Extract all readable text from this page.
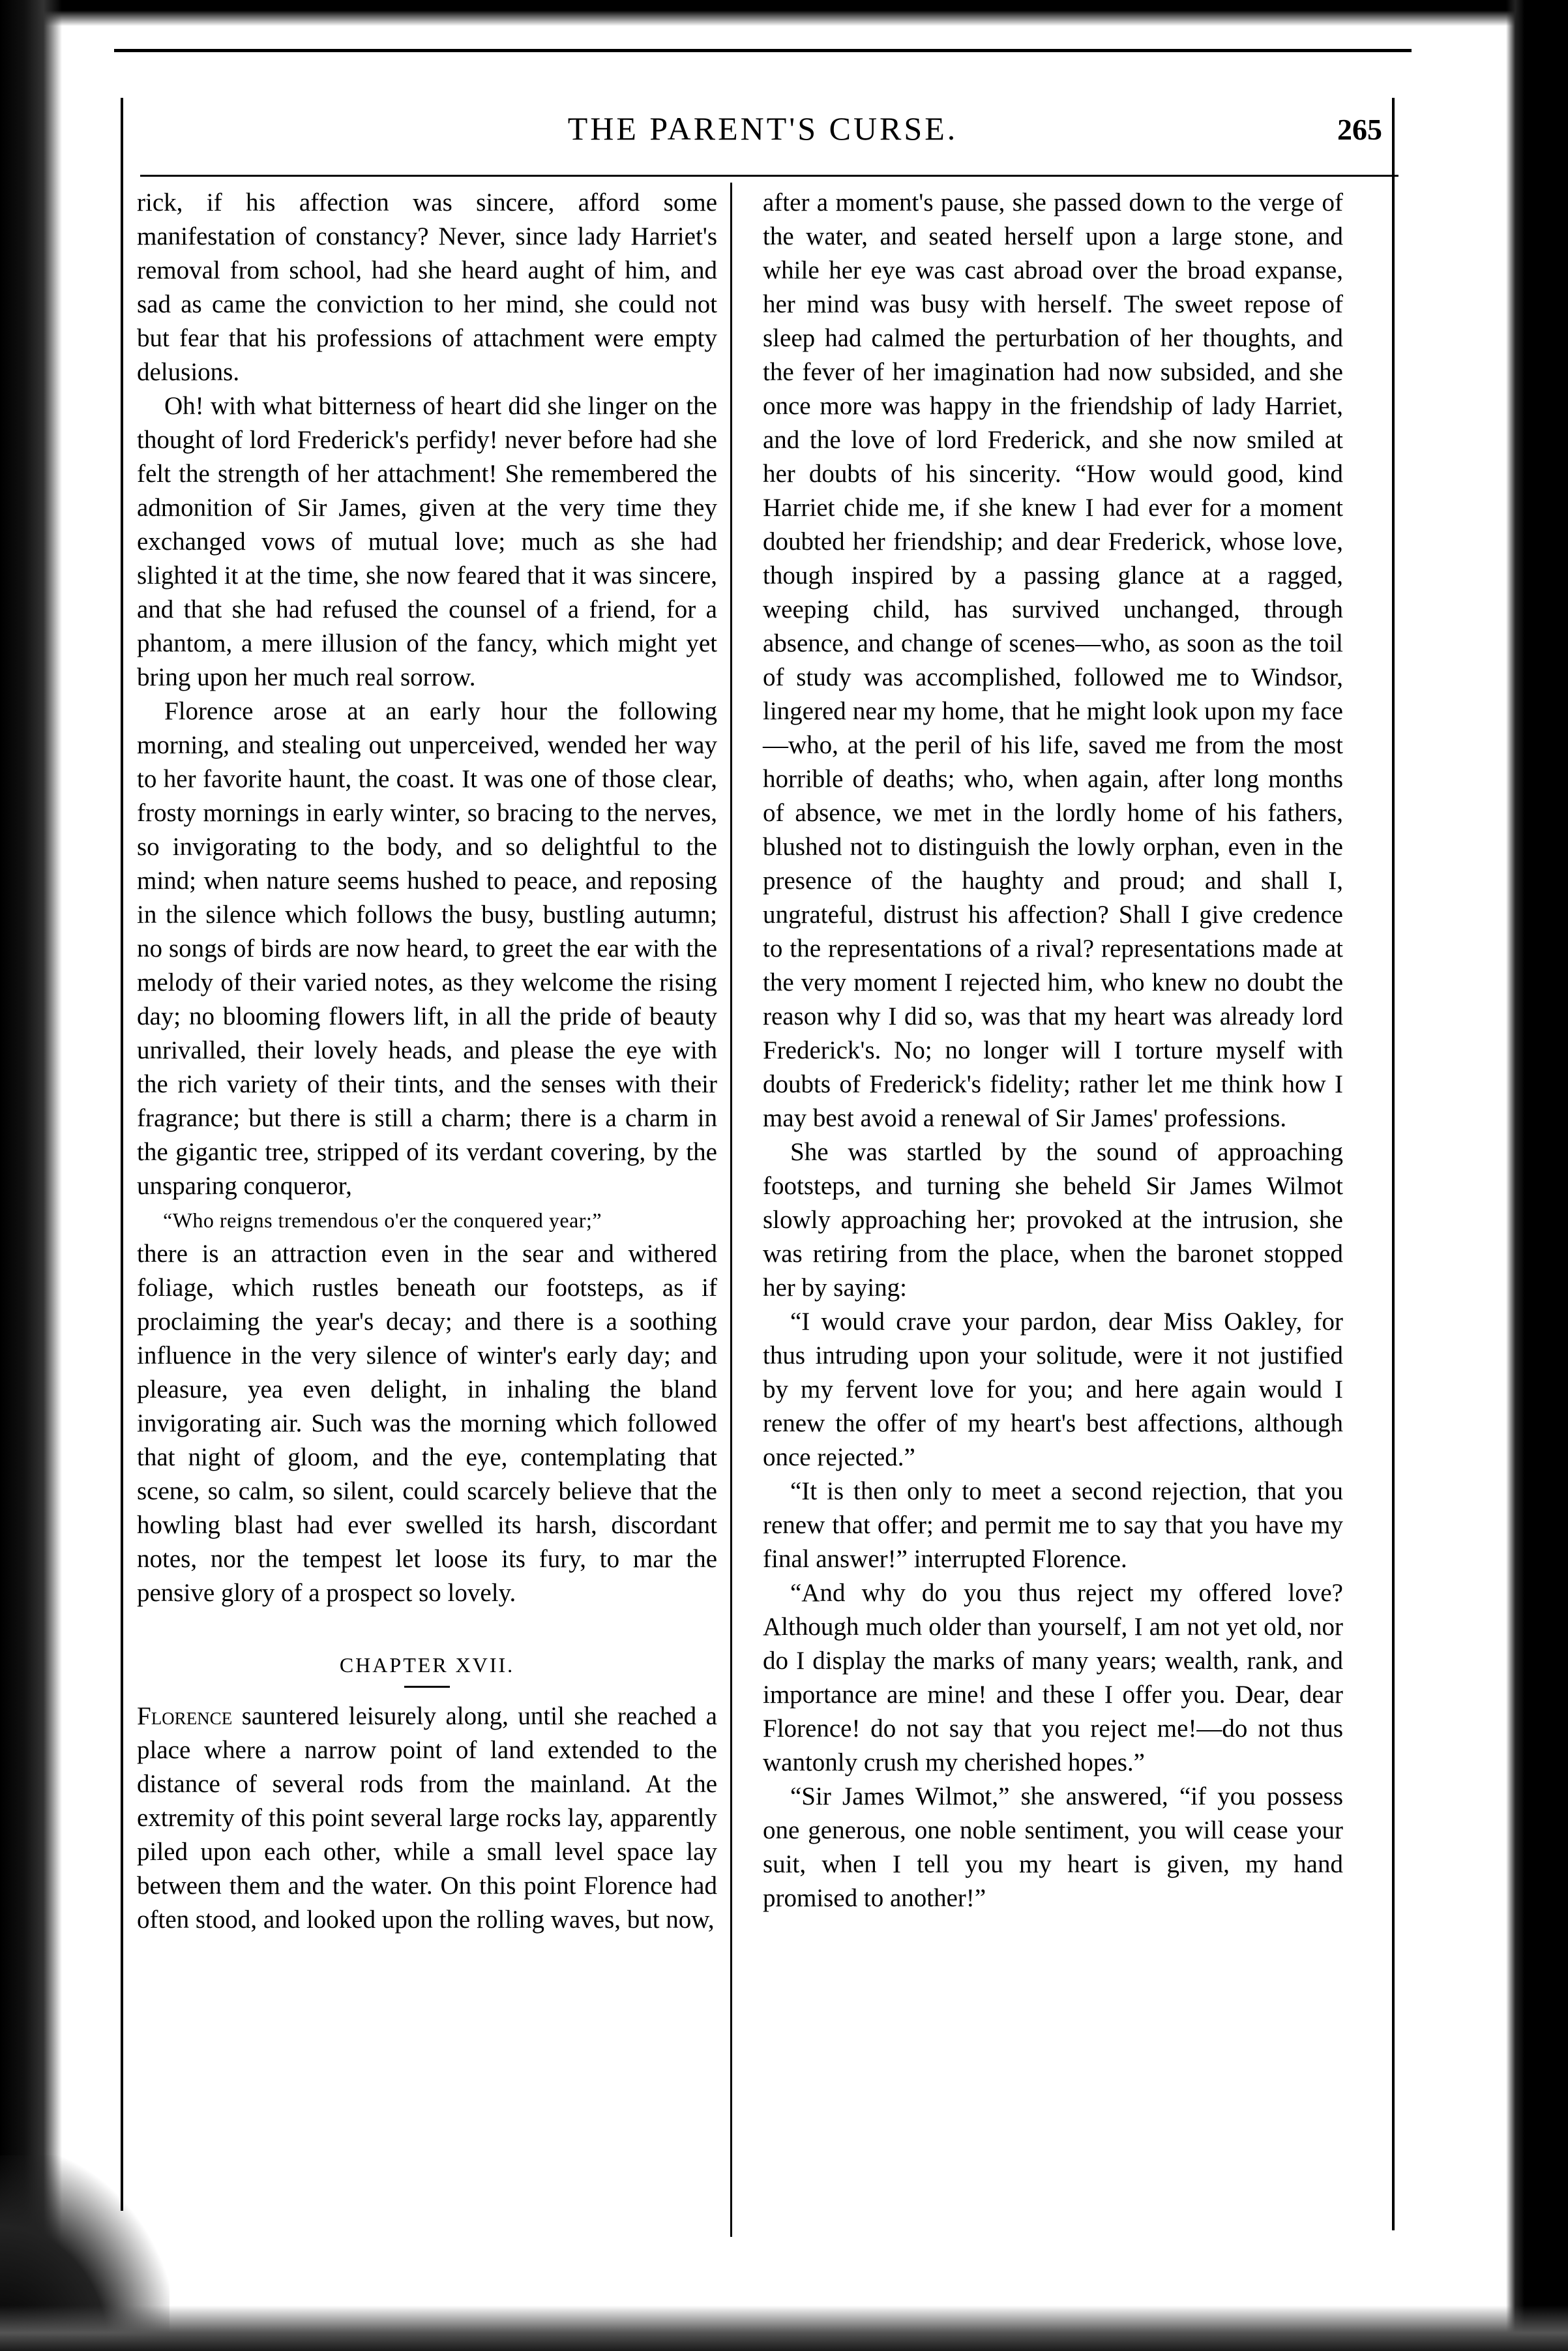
THE PARENT'S CURSE.	265

rick, if his affection was sincere, afford some manifestation of constancy? Never, since lady Harriet's removal from school, had she heard aught of him, and sad as came the conviction to her mind, she could not but fear that his professions of attachment were empty delusions.

Oh! with what bitterness of heart did she linger on the thought of lord Frederick's perfidy! never before had she felt the strength of her attachment! She remembered the admonition of Sir James, given at the very time they exchanged vows of mutual love; much as she had slighted it at the time, she now feared that it was sincere, and that she had refused the counsel of a friend, for a phantom, a mere illusion of the fancy, which might yet bring upon her much real sorrow.

Florence arose at an early hour the following morning, and stealing out unperceived, wended her way to her favorite haunt, the coast. It was one of those clear, frosty mornings in early winter, so bracing to the nerves, so invigorating to the body, and so delightful to the mind; when nature seems hushed to peace, and reposing in the silence which follows the busy, bustling autumn; no songs of birds are now heard, to greet the ear with the melody of their varied notes, as they welcome the rising day; no blooming flowers lift, in all the pride of beauty unrivalled, their lovely heads, and please the eye with the rich variety of their tints, and the senses with their fragrance; but there is still a charm; there is a charm in the gigantic tree, stripped of its verdant covering, by the unsparing conqueror,

“Who reigns tremendous o'er the conquered year;”

there is an attraction even in the sear and withered foliage, which rustles beneath our footsteps, as if proclaiming the year's decay; and there is a soothing influence in the very silence of winter's early day; and pleasure, yea even delight, in inhaling the bland invigorating air. Such was the morning which followed that night of gloom, and the eye, contemplating that scene, so calm, so silent, could scarcely believe that the howling blast had ever swelled its harsh, discordant notes, nor the tempest let loose its fury, to mar the pensive glory of a prospect so lovely.

CHAPTER XVII.

Florence sauntered leisurely along, until she reached a place where a narrow point of land extended to the distance of several rods from the mainland. At the extremity of this point several large rocks lay, apparently piled upon each other, while a small level space lay between them and the water. On this point Florence had often stood, and looked upon the rolling waves, but now,

after a moment's pause, she passed down to the verge of the water, and seated herself upon a large stone, and while her eye was cast abroad over the broad expanse, her mind was busy with herself. The sweet repose of sleep had calmed the perturbation of her thoughts, and the fever of her imagination had now subsided, and she once more was happy in the friendship of lady Harriet, and the love of lord Frederick, and she now smiled at her doubts of his sincerity. “How would good, kind Harriet chide me, if she knew I had ever for a moment doubted her friendship; and dear Frederick, whose love, though inspired by a passing glance at a ragged, weeping child, has survived unchanged, through absence, and change of scenes—who, as soon as the toil of study was accomplished, followed me to Windsor, lingered near my home, that he might look upon my face—who, at the peril of his life, saved me from the most horrible of deaths; who, when again, after long months of absence, we met in the lordly home of his fathers, blushed not to distinguish the lowly orphan, even in the presence of the haughty and proud; and shall I, ungrateful, distrust his affection? Shall I give credence to the representations of a rival? representations made at the very moment I rejected him, who knew no doubt the reason why I did so, was that my heart was already lord Frederick's. No; no longer will I torture myself with doubts of Frederick's fidelity; rather let me think how I may best avoid a renewal of Sir James' professions.

She was startled by the sound of approaching footsteps, and turning she beheld Sir James Wilmot slowly approaching her; provoked at the intrusion, she was retiring from the place, when the baronet stopped her by saying:

“I would crave your pardon, dear Miss Oakley, for thus intruding upon your solitude, were it not justified by my fervent love for you; and here again would I renew the offer of my heart's best affections, although once rejected.”

“It is then only to meet a second rejection, that you renew that offer; and permit me to say that you have my final answer!” interrupted Florence.

“And why do you thus reject my offered love? Although much older than yourself, I am not yet old, nor do I display the marks of many years; wealth, rank, and importance are mine! and these I offer you. Dear, dear Florence! do not say that you reject me!—do not thus wantonly crush my cherished hopes.”

“Sir James Wilmot,” she answered, “if you possess one generous, one noble sentiment, you will cease your suit, when I tell you my heart is given, my hand promised to another!”
